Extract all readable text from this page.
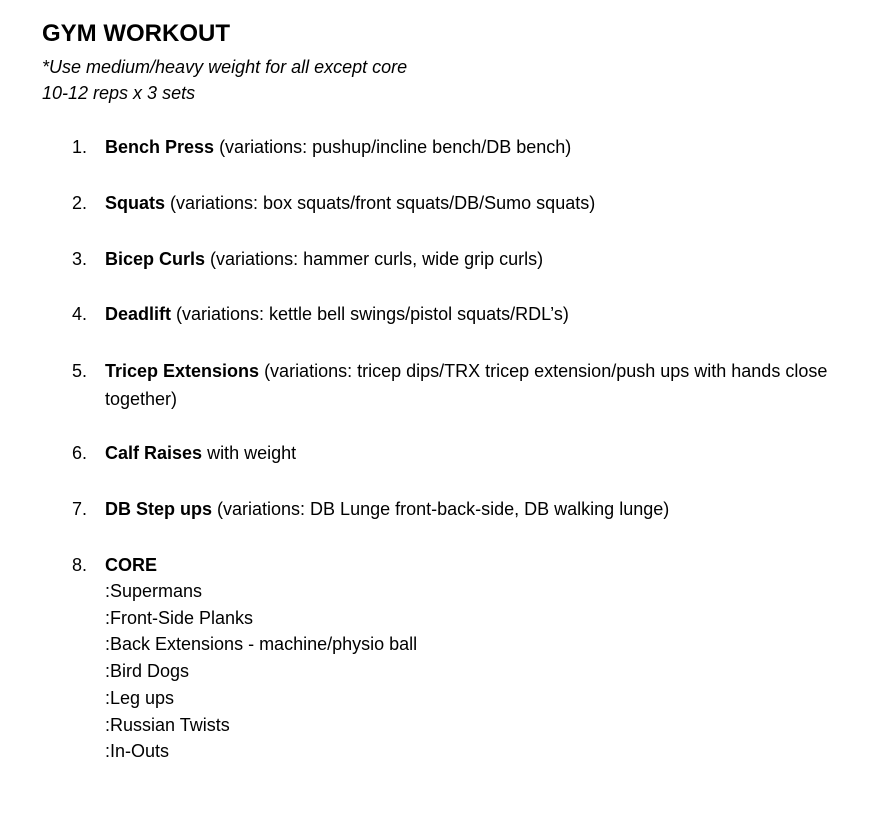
GYM WORKOUT
*Use medium/heavy weight for all except core
10-12 reps x 3 sets
1. Bench Press (variations: pushup/incline bench/DB bench)
2. Squats (variations: box squats/front squats/DB/Sumo squats)
3. Bicep Curls (variations: hammer curls, wide grip curls)
4. Deadlift (variations: kettle bell swings/pistol squats/RDL’s)
5. Tricep Extensions (variations: tricep dips/TRX tricep extension/push ups with hands close together)
6. Calf Raises with weight
7. DB Step ups (variations: DB Lunge front-back-side, DB walking lunge)
8. CORE
:Supermans
:Front-Side Planks
:Back Extensions - machine/physio ball
:Bird Dogs
:Leg ups
:Russian Twists
:In-Outs
